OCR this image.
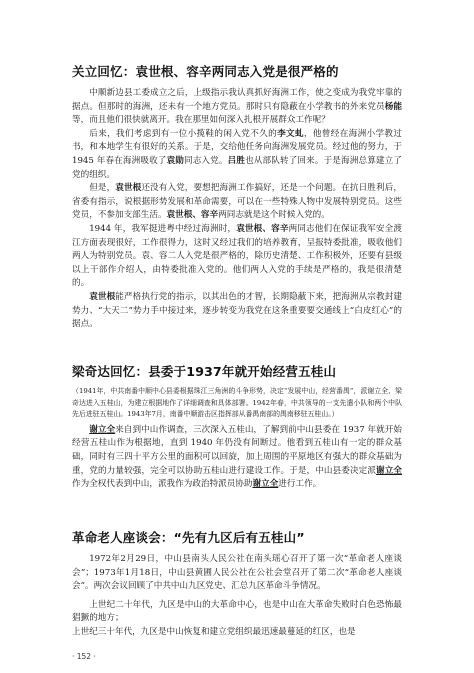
关立回忆：袁世根、容辛两同志入党是很严格的

中顺新边县工委成立之后，上级指示我认真抓好海洲工作，使之变成为我党牢靠的据点。但那时的海洲，还未有一个地方党员。那时只有隐蔽在小学教书的外来党员杨能等，而且他们很快就离开。我在那里如何深入扎根开展群众工作呢？

后来，我们考虑到有一位小揽鞋的闲入党不久的李文虬，他曾经在海洲小学教过书，和本地学生有很好的关系。于是，交给他任务向海洲发展党员。经过他的努力，于 1945 年春在海洲吸收了袁勋同志入党。吕胜也从部队转了回来。于是海洲总算建立了党的组织。

但是，袁世根还没有入党，要想把海洲工作搞好，还是一个问题。在抗日胜利后，省委有指示，说根据形势发展和革命需要，可以在一些特殊人物中发展特别党员。这些党员，不参加支部生活。袁世根、容辛两同志就是这个时候入党的。

1944 年，我军挺进粤中经过海洲时，袁世根、容辛两同志他们在保证我军安全渡江方面表现很好，工作很得力，这时又经过我们的培养教育，呈报特委批准，吸收他们两人为特别党员。袁、容二人入党是很严格的，除历史清楚、工作积极外，还要有县级以上干部作介绍人，由特委批准入党的。他们两人入党的手续是严格的，我是很清楚的。

袁世根能严格执行党的指示，以其出色的才智，长期隐蔽下来，把海洲从宗教封建势力、“大天二”势力手中接过来，逐步转变为我党在这条重要要交通线上“白皮红心”的据点。

梁奇达回忆：县委于1937年就开始经营五桂山

（1941年，中共南番中顺中心县委根据珠江三角洲的斗争形势，决定“发展中山，经营番禺”，派谢立全、梁奇达进入五桂山，为建立根据地作了详细调查和具体部署。1942年春，中共领导的一支先遣小队和两个中队先后进驻五桂山。1943年7月，南番中顺游击区指挥部从番禺南部的禺南移驻五桂山。）

谢立全来自到中山作调查，三次深入五桂山，了解到前中山县委在 1937 年就开始经营五桂山作为根据地，直到 1940 年仍没有间断过。他看到五桂山有一定的群众基础，同时有三四十平方公里的面积可以回旋，加上周围的平原地区有强大的群众基础为重，党的力量较强，完全可以协助五桂山进行建设工作。于是，中山县委决定派谢立全作为全权代表到中山，派我作为政治特派员协助谢立全进行工作。

革命老人座谈会：“先有九区后有五桂山”

1972年2月29日，中山县南头人民公社在南头瑶心召开了第一次“革命老人座谈会”；1973年1月18日，中山县黄圃人民公社在公社会堂召开了第二次“革命老人座谈会”。两次会议回顾了中共中山九区党史、汇总九区革命斗争情况。

上世纪二十年代，九区是中山的大革命中心，也是中山在大革命失败时白色恐怖最猖獗的地方；

上世纪三十年代，九区是中山恢复和建立党组织最迅速最蔓延的红区，也是

· 152 ·
